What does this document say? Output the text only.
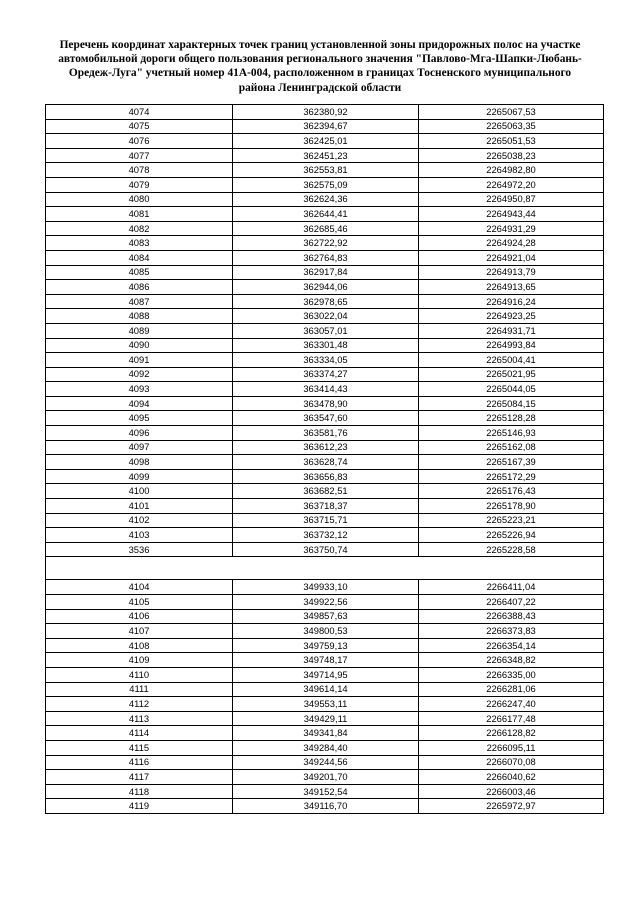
Перечень координат характерных точек границ установленной зоны придорожных полос на участке
автомобильной дороги общего пользования регионального значения "Павлово-Мга-Шапки-Любань-
Оредеж-Луга" учетный номер 41А-004, расположенном в границах Тосненского муниципального
района Ленинградской области
4074	362380,92	2265067,53
4075	362394,67	2265063,35
4076	362425,01	2265051,53
4077	362451,23	2265038,23
4078	362553,81	2264982,80
4079	362575,09	2264972,20
4080	362624,36	2264950,87
4081	362644,41	2264943,44
4082	362685,46	2264931,29
4083	362722,92	2264924,28
4084	362764,83	2264921,04
4085	362917,84	2264913,79
4086	362944,06	2264913,65
4087	362978,65	2264916,24
4088	363022,04	2264923,25
4089	363057,01	2264931,71
4090	363301,48	2264993,84
4091	363334,05	2265004,41
4092	363374,27	2265021,95
4093	363414,43	2265044,05
4094	363478,90	2265084,15
4095	363547,60	2265128,28
4096	363581,76	2265146,93
4097	363612,23	2265162,08
4098	363628,74	2265167,39
4099	363656,83	2265172,29
4100	363682,51	2265176,43
4101	363718,37	2265178,90
4102	363715,71	2265223,21
4103	363732,12	2265226,94
3536	363750,74	2265228,58

4104	349933,10	2266411,04
4105	349922,56	2266407,22
4106	349857,63	2266388,43
4107	349800,53	2266373,83
4108	349759,13	2266354,14
4109	349748,17	2266348,82
4110	349714,95	2266335,00
4111	349614,14	2266281,06
4112	349553,11	2266247,40
4113	349429,11	2266177,48
4114	349341,84	2266128,82
4115	349284,40	2266095,11
4116	349244,56	2266070,08
4117	349201,70	2266040,62
4118	349152,54	2266003,46
4119	349116,70	2265972,97
